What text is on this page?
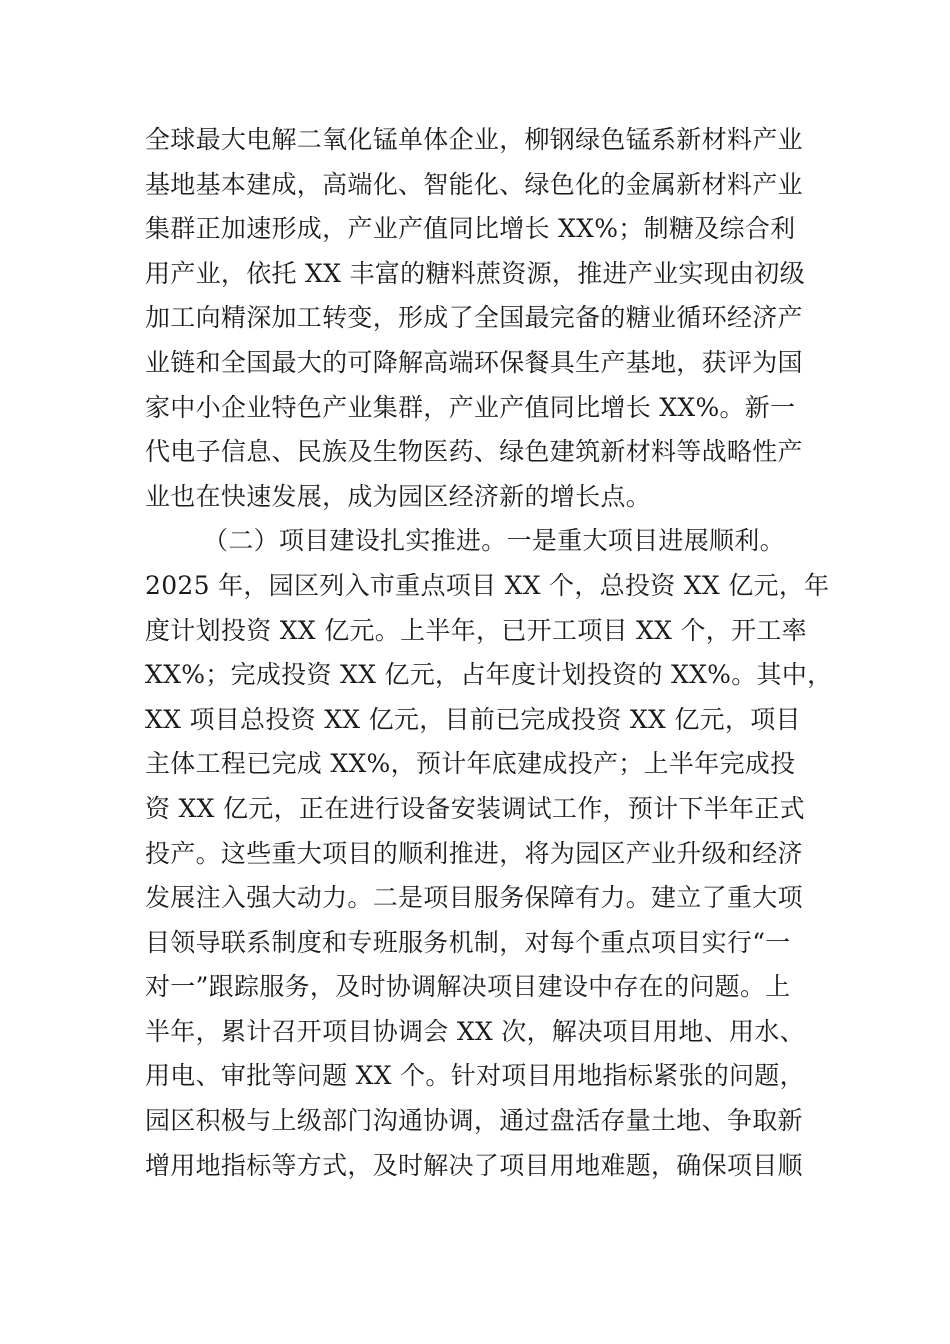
全球最大电解二氧化锰单体企业，柳钢绿色锰系新材料产业
基地基本建成，高端化、智能化、绿色化的金属新材料产业
集群正加速形成，产业产值同比增长 XX%；制糖及综合利
用产业，依托 XX 丰富的糖料蔗资源，推进产业实现由初级
加工向精深加工转变，形成了全国最完备的糖业循环经济产
业链和全国最大的可降解高端环保餐具生产基地，获评为国
家中小企业特色产业集群，产业产值同比增长 XX%。新一
代电子信息、民族及生物医药、绿色建筑新材料等战略性产
业也在快速发展，成为园区经济新的增长点。
（二）项目建设扎实推进。一是重大项目进展顺利。
2025 年，园区列入市重点项目 XX 个，总投资 XX 亿元，年
度计划投资 XX 亿元。上半年，已开工项目 XX 个，开工率
XX%；完成投资 XX 亿元，占年度计划投资的 XX%。其中，
XX 项目总投资 XX 亿元，目前已完成投资 XX 亿元，项目
主体工程已完成 XX%，预计年底建成投产；上半年完成投
资 XX 亿元，正在进行设备安装调试工作，预计下半年正式
投产。这些重大项目的顺利推进，将为园区产业升级和经济
发展注入强大动力。二是项目服务保障有力。建立了重大项
目领导联系制度和专班服务机制，对每个重点项目实行“一
对一”跟踪服务，及时协调解决项目建设中存在的问题。上
半年，累计召开项目协调会 XX 次，解决项目用地、用水、
用电、审批等问题 XX 个。针对项目用地指标紧张的问题，
园区积极与上级部门沟通协调，通过盘活存量土地、争取新
增用地指标等方式，及时解决了项目用地难题，确保项目顺
